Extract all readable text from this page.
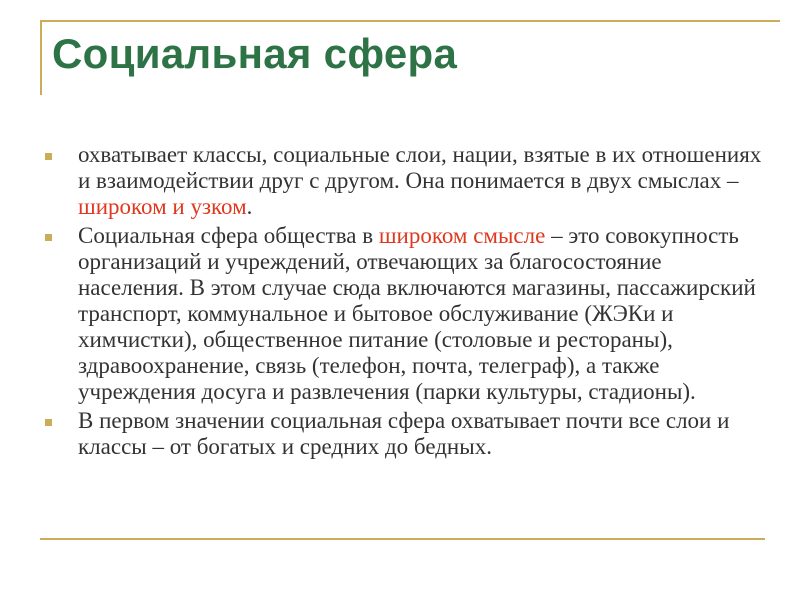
Социальная сфера
охватывает классы, социальные слои, нации, взятые в их отношениях и взаимодействии друг с другом. Она понимается в двух смыслах – широком и узком.
Социальная сфера общества в широком смысле – это совокупность организаций и учреждений, отвечающих за благосостояние населения. В этом случае сюда включаются магазины, пассажирский транспорт, коммунальное и бытовое обслуживание (ЖЭКи и химчистки), общественное питание (столовые и рестораны), здравоохранение, связь (телефон, почта, телеграф), а также учреждения досуга и развлечения (парки культуры, стадионы).
В первом значении социальная сфера охватывает почти все слои и классы – от богатых и средних до бедных.
